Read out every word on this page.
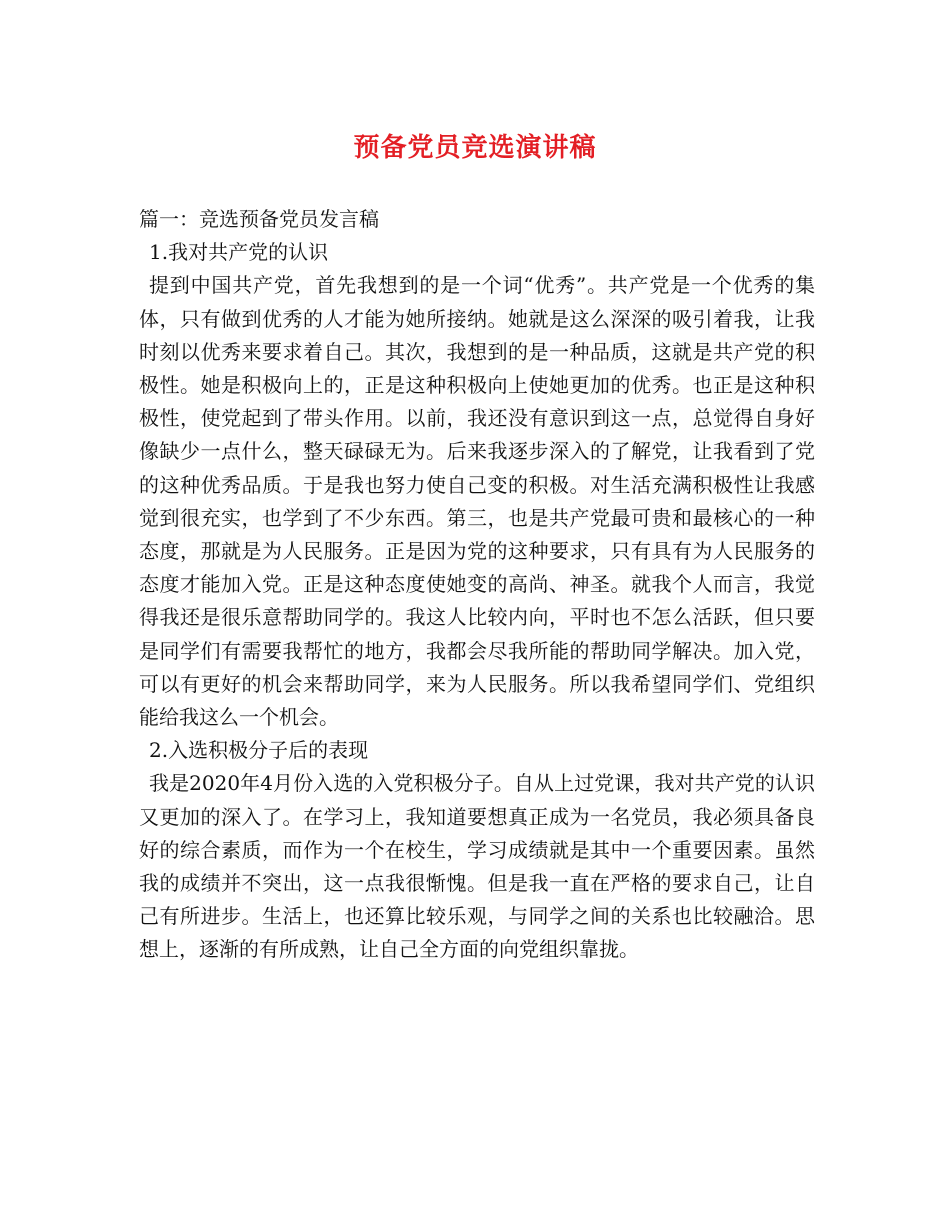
预备党员竞选演讲稿

篇一：竞选预备党员发言稿

1.我对共产党的认识

提到中国共产党，首先我想到的是一个词“优秀”。共产党是一个优秀的集体，只有做到优秀的人才能为她所接纳。她就是这么深深的吸引着我，让我时刻以优秀来要求着自己。其次，我想到的是一种品质，这就是共产党的积极性。她是积极向上的，正是这种积极向上使她更加的优秀。也正是这种积极性，使党起到了带头作用。以前，我还没有意识到这一点，总觉得自身好像缺少一点什么，整天碌碌无为。后来我逐步深入的了解党，让我看到了党的这种优秀品质。于是我也努力使自己变的积极。对生活充满积极性让我感觉到很充实，也学到了不少东西。第三，也是共产党最可贵和最核心的一种态度，那就是为人民服务。正是因为党的这种要求，只有具有为人民服务的态度才能加入党。正是这种态度使她变的高尚、神圣。就我个人而言，我觉得我还是很乐意帮助同学的。我这人比较内向，平时也不怎么活跃，但只要是同学们有需要我帮忙的地方，我都会尽我所能的帮助同学解决。加入党，可以有更好的机会来帮助同学，来为人民服务。所以我希望同学们、党组织能给我这么一个机会。

2.入选积极分子后的表现

我是2020年4月份入选的入党积极分子。自从上过党课，我对共产党的认识又更加的深入了。在学习上，我知道要想真正成为一名党员，我必须具备良好的综合素质，而作为一个在校生，学习成绩就是其中一个重要因素。虽然我的成绩并不突出，这一点我很惭愧。但是我一直在严格的要求自己，让自己有所进步。生活上，也还算比较乐观，与同学之间的关系也比较融洽。思想上，逐渐的有所成熟，让自己全方面的向党组织靠拢。
